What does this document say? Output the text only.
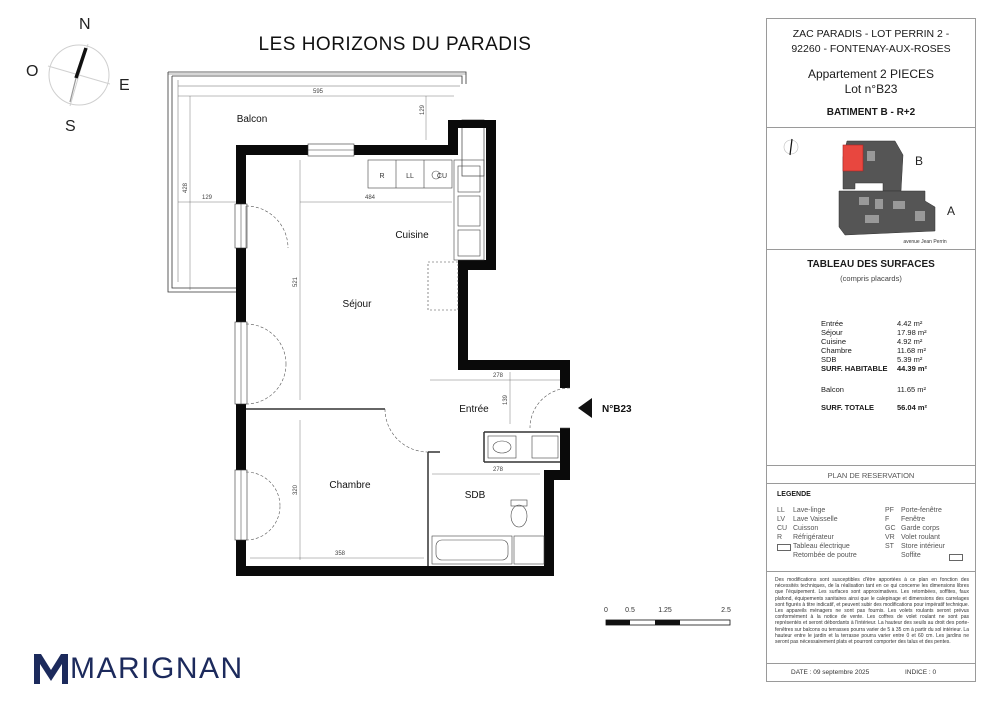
LES HORIZONS DU PARADIS
N
O
E
S
R	LL	CU
595
428
129
129
484
521
278
139
278
320
358
Balcon
Cuisine
Séjour
Entrée
Chambre
SDB
N°B23
0 0.5	1.25	2.5
MARIGNAN
ZAC PARADIS - LOT PERRIN 2 -
92260 - FONTENAY-AUX-ROSES
Appartement 2 PIECES
Lot n°B23
BATIMENT B - R+2
B
A
avenue Jean Perrin
TABLEAU DES SURFACES
(compris placards)
Entrée	4.42 m²
Séjour	17.98 m²
Cuisine	4.92 m²
Chambre	11.68 m²
SDB	5.39 m²
SURF. HABITABLE 44.39 m²
Balcon	11.65 m²
SURF. TOTALE	56.04 m²
PLAN DE RESERVATION
LEGENDE
LL Lave-linge
LV Lave Vaisselle
CU Cuisson
R Réfrigérateur
Tableau électrique
Retombée de poutre
PF Porte-fenêtre
F Fenêtre
GC Garde corps
VR Volet roulant
ST Store intérieur
Soffite
Des modifications sont susceptibles d'être apportées à ce plan en fonction des nécessités techniques, de la réalisation tant en ce qui concerne les dimensions libres que l'équipement. Les surfaces sont approximatives. Les retombées, soffites, faux plafond, équipements sanitaires ainsi que le calepinage et dimensions des carrelages sont figurés à titre indicatif, et peuvent subir des modifications pour impératif technique. Les appareils ménagers ne sont pas fournis. Les volets roulants seront prévus conformément à la notice de vente. Les coffres de volet roulant ne sont pas représentés et seront débordants à l'intérieur. La hauteur des seuils au droit des porte-fenêtres sur balcons ou terrasses pourra varier de 5 à 35 cm à partir du sol intérieur. La hauteur entre le jardin et la terrasse pourra varier entre 0 et 60 cm. Les jardins ne seront pas nécessairement plats et pourront comporter des talus et des pentes.
DATE : 09 septembre 2025	INDICE : 0
